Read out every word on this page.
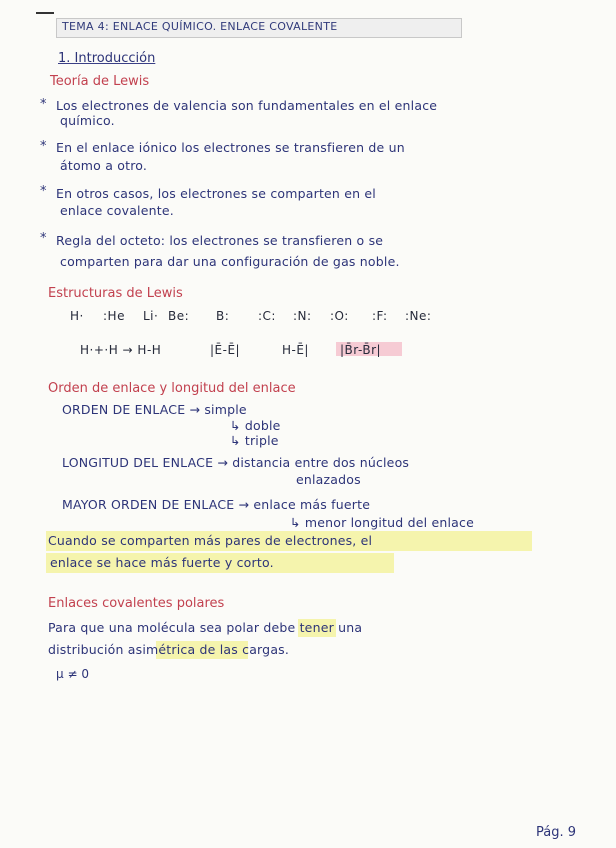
TEMA 4: ENLACE QUÍMICO. ENLACE COVALENTE
1. Introducción
Teoría de Lewis
* Los electrones de valencia son fundamentales en el enlace
químico.
* En el enlace iónico los electrones se transfieren de un
átomo a otro.
* En otros casos, los electrones se comparten en el
enlace covalente.
* Regla del octeto: los electrones se transfieren o se
comparten para dar una configuración de gas noble.
Estructuras de Lewis
H· :He Li· Be: B: :C: :N: :O: :F: :Ne:
H·+·H → H-H	|Ē-Ē|	H-Ē|	|B̄r-B̄r|
Orden de enlace y longitud del enlace
ORDEN DE ENLACE → simple
↳ doble
↳ triple
LONGITUD DEL ENLACE → distancia entre dos núcleos
enlazados
MAYOR ORDEN DE ENLACE → enlace más fuerte
↳ menor longitud del enlace
Cuando se comparten más pares de electrones, el
enlace se hace más fuerte y corto.
Enlaces covalentes polares
Para que una molécula sea polar debe tener una
distribución asimétrica de las cargas.
µ ≠ 0
Pág. 9
